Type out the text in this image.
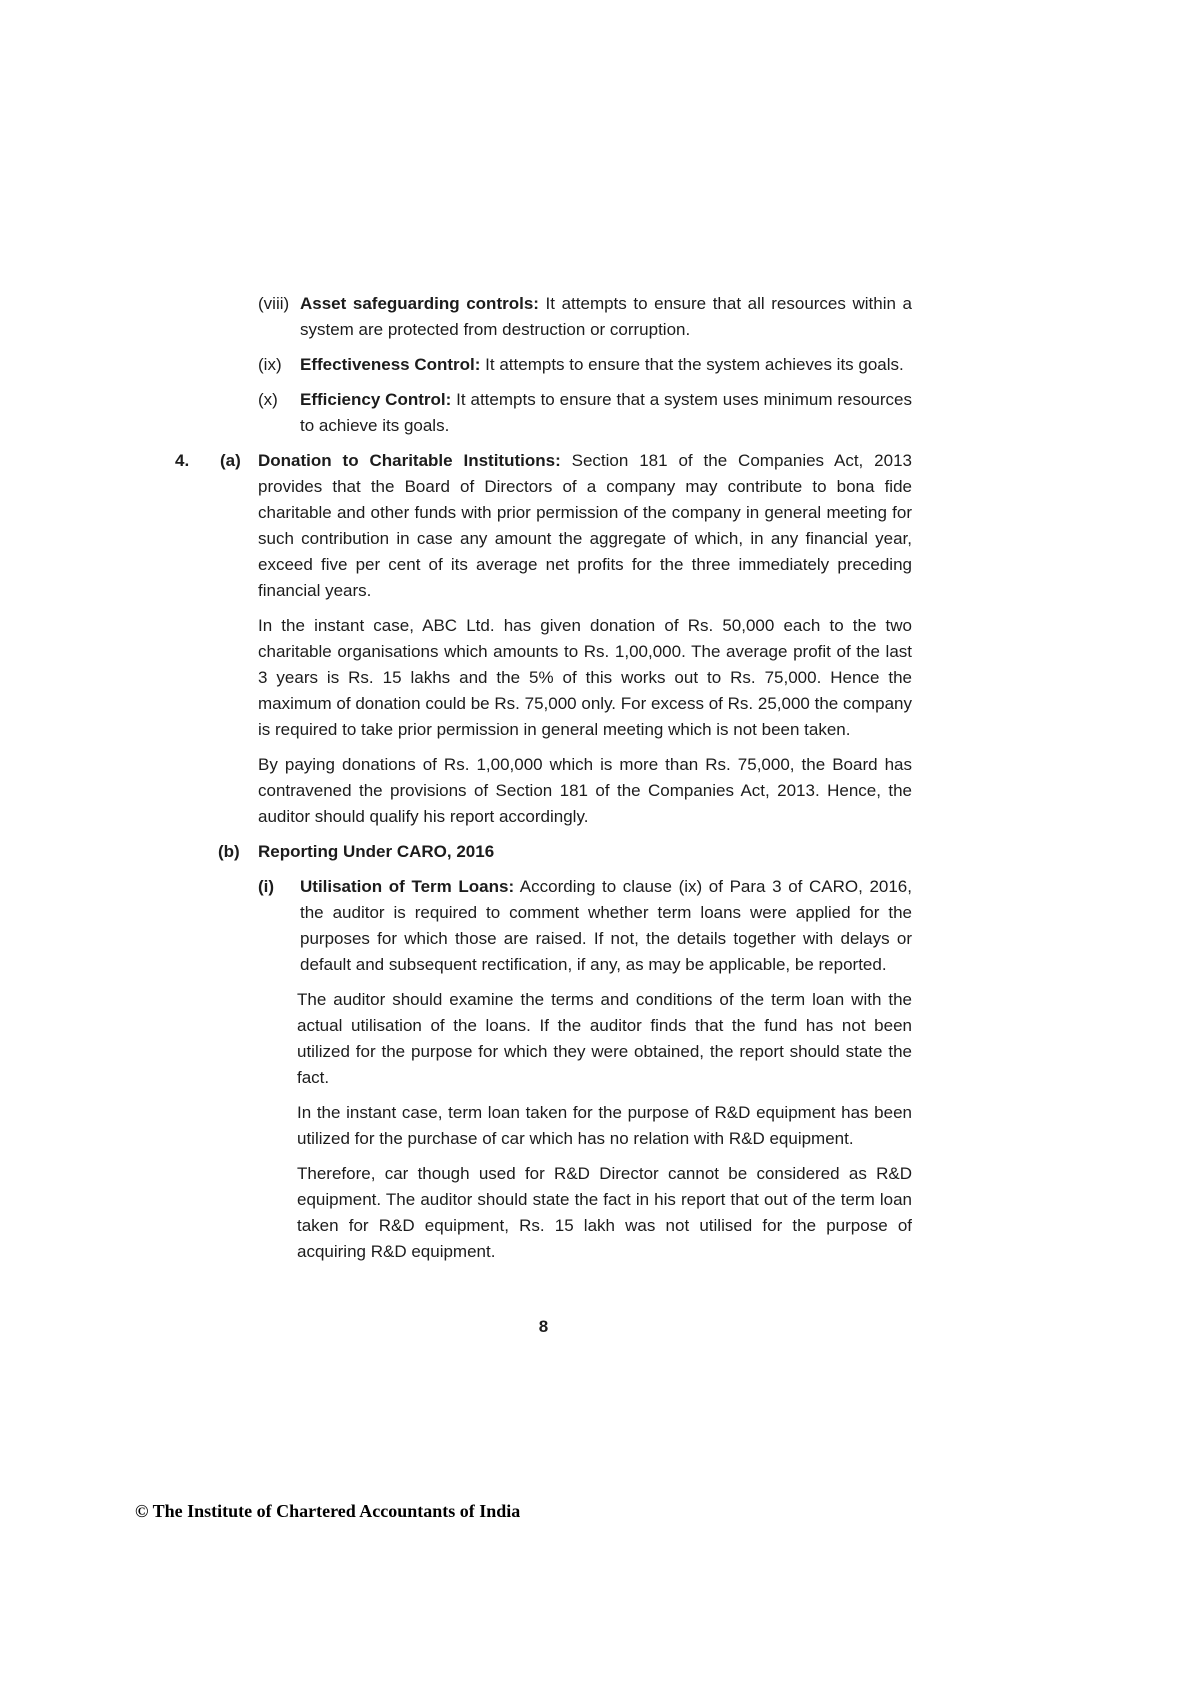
(viii) Asset safeguarding controls: It attempts to ensure that all resources within a system are protected from destruction or corruption.
(ix)	Effectiveness Control: It attempts to ensure that the system achieves its goals.
(x)	Efficiency Control: It attempts to ensure that a system uses minimum resources to achieve its goals.
4.	(a)	Donation to Charitable Institutions: Section 181 of the Companies Act, 2013 provides that the Board of Directors of a company may contribute to bona fide charitable and other funds with prior permission of the company in general meeting for such contribution in case any amount the aggregate of which, in any financial year, exceed five per cent of its average net profits for the three immediately preceding financial years.
In the instant case, ABC Ltd. has given donation of Rs. 50,000 each to the two charitable organisations which amounts to Rs. 1,00,000. The average profit of the last 3 years is Rs. 15 lakhs and the 5% of this works out to Rs. 75,000. Hence the maximum of donation could be Rs. 75,000 only. For excess of Rs. 25,000 the company is required to take prior permission in general meeting which is not been taken.
By paying donations of Rs. 1,00,000 which is more than Rs. 75,000, the Board has contravened the provisions of Section 181 of the Companies Act, 2013. Hence, the auditor should qualify his report accordingly.
(b)	Reporting Under CARO, 2016
(i)	Utilisation of Term Loans: According to clause (ix) of Para 3 of CARO, 2016, the auditor is required to comment whether term loans were applied for the purposes for which those are raised. If not, the details together with delays or default and subsequent rectification, if any, as may be applicable, be reported.
The auditor should examine the terms and conditions of the term loan with the actual utilisation of the loans. If the auditor finds that the fund has not been utilized for the purpose for which they were obtained, the report should state the fact.
In the instant case, term loan taken for the purpose of R&D equipment has been utilized for the purchase of car which has no relation with R&D equipment.
Therefore, car though used for R&D Director cannot be considered as R&D equipment. The auditor should state the fact in his report that out of the term loan taken for R&D equipment, Rs. 15 lakh was not utilised for the purpose of acquiring R&D equipment.
8
© The Institute of Chartered Accountants of India
